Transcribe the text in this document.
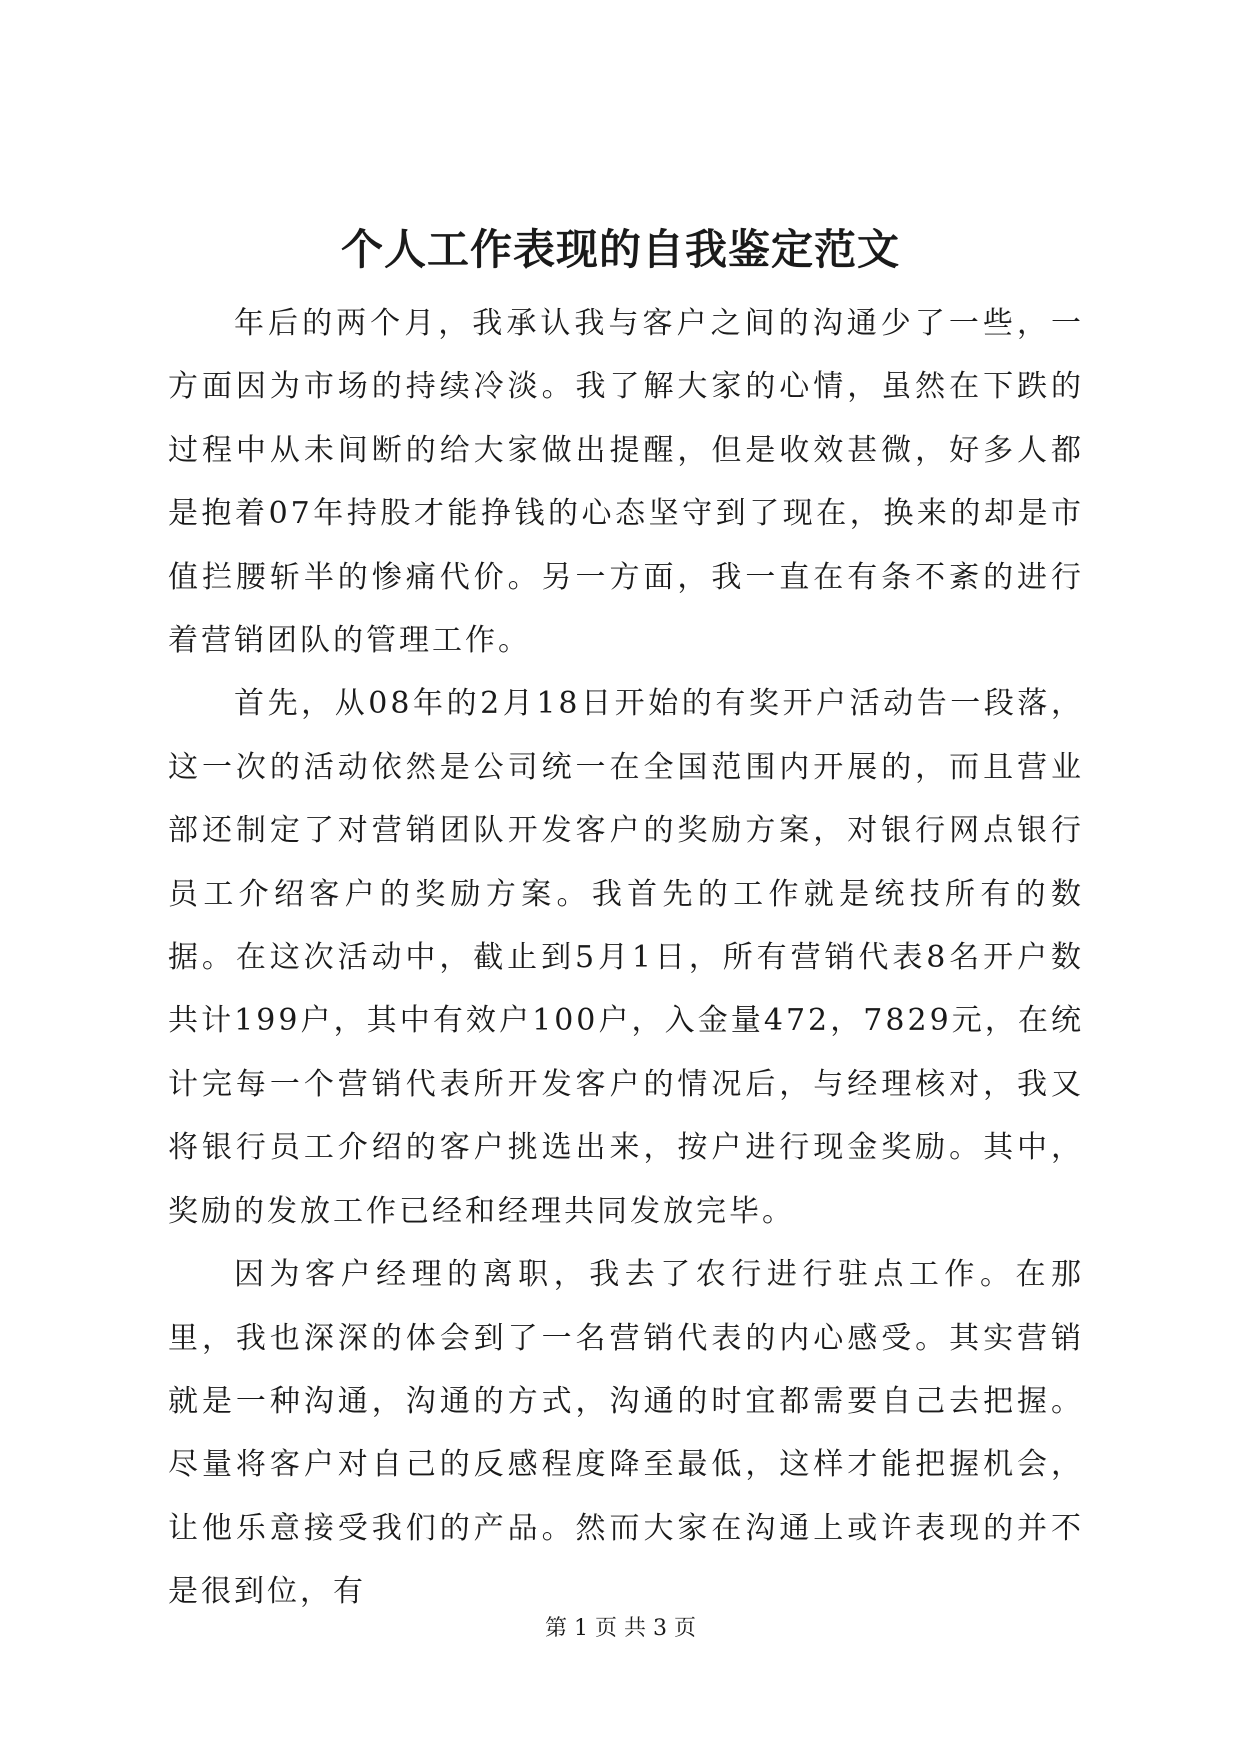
个人工作表现的自我鉴定范文

年后的两个月，我承认我与客户之间的沟通少了一些，一方面因为市场的持续冷淡。我了解大家的心情，虽然在下跌的过程中从未间断的给大家做出提醒，但是收效甚微，好多人都是抱着07年持股才能挣钱的心态坚守到了现在，换来的却是市值拦腰斩半的惨痛代价。另一方面，我一直在有条不紊的进行着营销团队的管理工作。

首先，从08年的2月18日开始的有奖开户活动告一段落，这一次的活动依然是公司统一在全国范围内开展的，而且营业部还制定了对营销团队开发客户的奖励方案，对银行网点银行员工介绍客户的奖励方案。我首先的工作就是统技所有的数据。在这次活动中，截止到5月1日，所有营销代表8名开户数共计199户，其中有效户100户，入金量472，7829元，在统计完每一个营销代表所开发客户的情况后，与经理核对，我又将银行员工介绍的客户挑选出来，按户进行现金奖励。其中，奖励的发放工作已经和经理共同发放完毕。

因为客户经理的离职，我去了农行进行驻点工作。在那里，我也深深的体会到了一名营销代表的内心感受。其实营销就是一种沟通，沟通的方式，沟通的时宜都需要自己去把握。尽量将客户对自己的反感程度降至最低，这样才能把握机会，让他乐意接受我们的产品。然而大家在沟通上或许表现的并不是很到位，有

第 1 页 共 3 页
